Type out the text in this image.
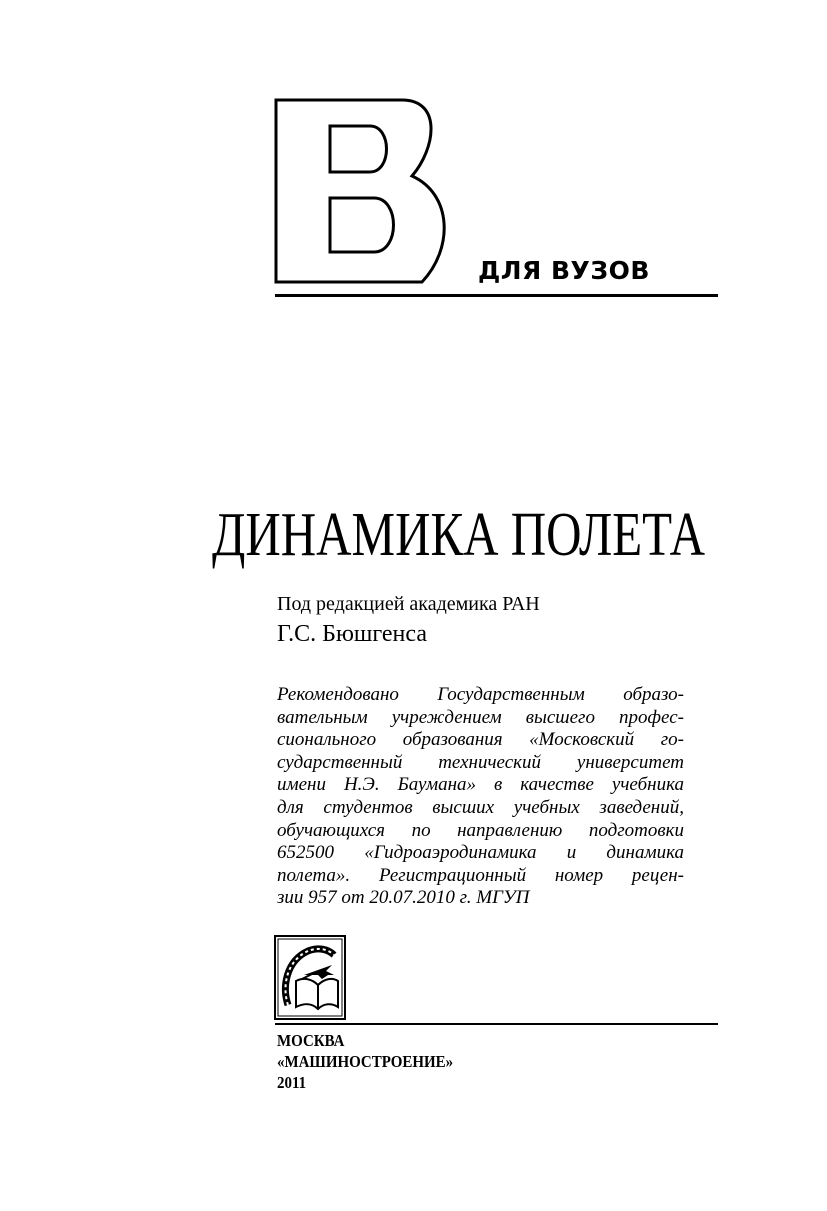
ДЛЯ ВУЗОВ
ДИНАМИКА ПОЛЕТА
Под редакцией академика РАН
Г.С. Бюшгенса
Рекомендовано Государственным образо-
вательным учреждением высшего профес-
сионального образования «Московский го-
сударственный технический университет
имени Н.Э. Баумана» в качестве учебника
для студентов высших учебных заведений,
обучающихся по направлению подготовки
652500 «Гидроаэродинамика и динамика
полета». Регистрационный номер рецен-
зии 957 от 20.07.2010 г. МГУП
МОСКВА
«МАШИНОСТРОЕНИЕ»
2011
